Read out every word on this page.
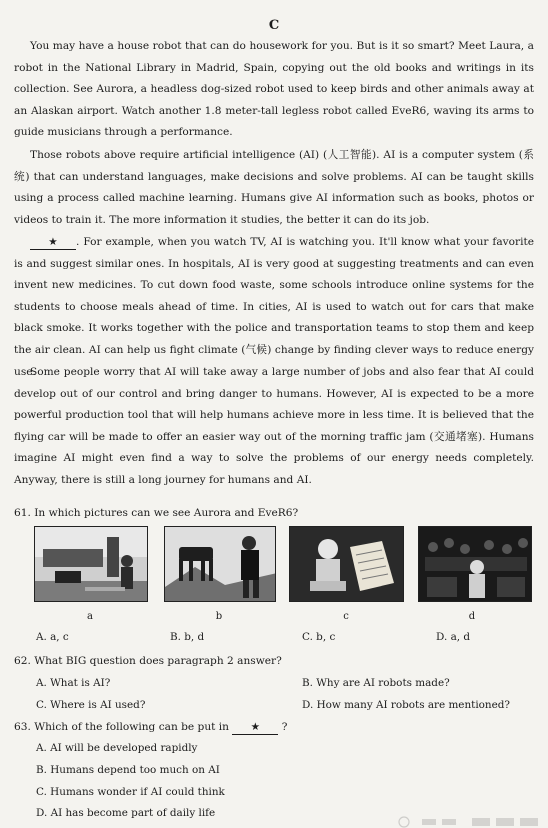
C

You may have a house robot that can do housework for you. But is it so smart? Meet Laura, a robot in the National Library in Madrid, Spain, copying out the old books and writings in its collection. See Aurora, a headless dog-sized robot used to keep birds and other animals away at an Alaskan airport. Watch another 1.8 meter-tall legless robot called EveR6, waving its arms to guide musicians through a performance.

Those robots above require artificial intelligence (AI) (人工智能). AI is a computer system (系统) that can understand languages, make decisions and solve problems. AI can be taught skills using a process called machine learning. Humans give AI information such as books, photos or videos to train it. The more information it studies, the better it can do its job.

★ . For example, when you watch TV, AI is watching you. It'll know what your favorite is and suggest similar ones. In hospitals, AI is very good at suggesting treatments and can even invent new medicines. To cut down food waste, some schools introduce online systems for the students to choose meals ahead of time. In cities, AI is used to watch out for cars that make black smoke. It works together with the police and transportation teams to stop them and keep the air clean. AI can help us fight climate (气候) change by finding clever ways to reduce energy use.

Some people worry that AI will take away a large number of jobs and also fear that AI could develop out of our control and bring danger to humans. However, AI is expected to be a more powerful production tool that will help humans achieve more in less time. It is believed that the flying car will be made to offer an easier way out of the morning traffic jam (交通堵塞). Humans imagine AI might even find a way to solve the problems of our energy needs completely. Anyway, there is still a long journey for humans and AI.

61. In which pictures can we see Aurora and EveR6?
a	b	c	d
A. a, c	B. b, d	C. b, c	D. a, d
62. What BIG question does paragraph 2 answer?
A. What is AI?	B. Why are AI robots made?
C. Where is AI used?	D. How many AI robots are mentioned?
63. Which of the following can be put in ★ ?
A. AI will be developed rapidly
B. Humans depend too much on AI
C. Humans wonder if AI could think
D. AI has become part of daily life
